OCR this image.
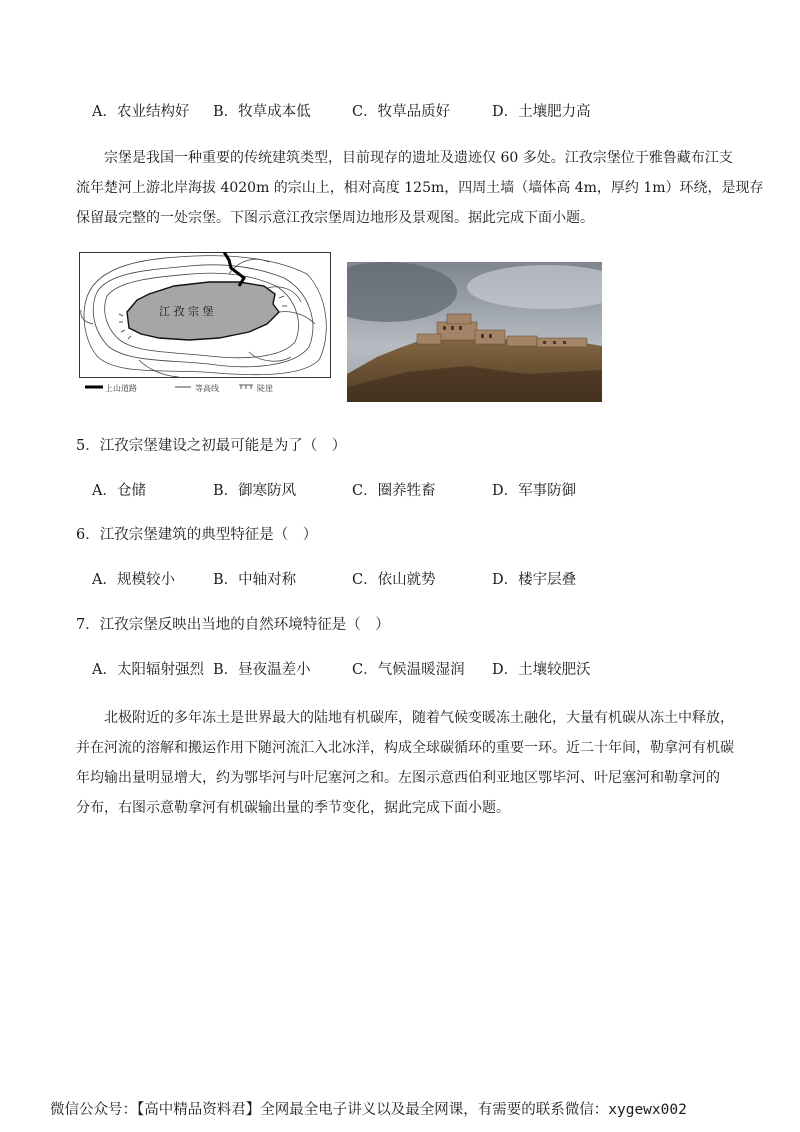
A．农业结构好 B．牧草成本低	C．牧草品质好	D．土壤肥力高
宗堡是我国一种重要的传统建筑类型，目前现存的遗址及遗迹仅 60 多处。江孜宗堡位于雅鲁藏布江支
流年楚河上游北岸海拔 4020m 的宗山上，相对高度 125m，四周土墙（墙体高 4m，厚约 1m）环绕，是现存
保留最完整的一处宗堡。下图示意江孜宗堡周边地形及景观图。据此完成下面小题。
江 孜 宗 堡
上山道路	等高线	陡崖
5．江孜宗堡建设之初最可能是为了（　）
A．仓储	B．御寒防风	C．圈养牲畜	D．军事防御
6．江孜宗堡建筑的典型特征是（　）
A．规模较小	B．中轴对称	C．依山就势	D．楼宇层叠
7．江孜宗堡反映出当地的自然环境特征是（　）
A．太阳辐射强烈 B．昼夜温差小	C．气候温暖湿润 D．土壤较肥沃
北极附近的多年冻土是世界最大的陆地有机碳库，随着气候变暖冻土融化，大量有机碳从冻土中释放，
并在河流的溶解和搬运作用下随河流汇入北冰洋，构成全球碳循环的重要一环。近二十年间，勒拿河有机碳
年均输出量明显增大，约为鄂毕河与叶尼塞河之和。左图示意西伯利亚地区鄂毕河、叶尼塞河和勒拿河的
分布，右图示意勒拿河有机碳输出量的季节变化，据此完成下面小题。
微信公众号：【高中精品资料君】全网最全电子讲义以及最全网课，有需要的联系微信：xygewx002
